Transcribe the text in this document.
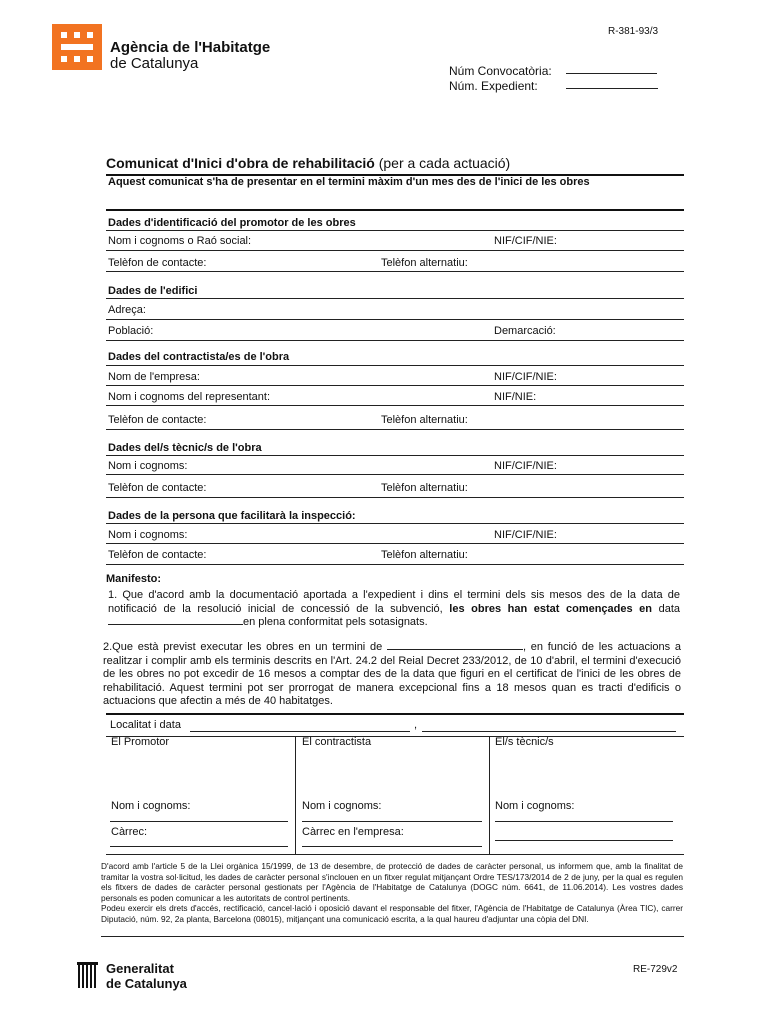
R-381-93/3
Agència de l'Habitatge
de Catalunya	Núm Convocatòria:
Núm. Expedient:
Comunicat d'Inici d'obra de rehabilitació (per a cada actuació)
Aquest comunicat s'ha de presentar en el termini màxim d'un mes des de l'inici de les obres
Dades d'identificació del promotor de les obres
Nom i cognoms o Raó social:	NIF/CIF/NIE:
Telèfon de contacte:	Telèfon alternatiu:
Dades de l'edifici
Adreça:
Població:	Demarcació:
Dades del contractista/es de l'obra
Nom de l'empresa:	NIF/CIF/NIE:
Nom i cognoms del representant:	NIF/NIE:
Telèfon de contacte:	Telèfon alternatiu:
Dades del/s tècnic/s de l'obra
Nom i cognoms:	NIF/CIF/NIE:
Telèfon de contacte:	Telèfon alternatiu:
Dades de la persona que facilitarà la inspecció:
Nom i cognoms:	NIF/CIF/NIE:
Telèfon de contacte:	Telèfon alternatiu:
Manifesto:
1. Que d'acord amb la documentació aportada a l'expedient i dins el termini dels sis mesos des de la data de notificació de la resolució inicial de concessió de la subvenció, les obres han estat començades en data en plena conformitat pels sotasignats.
2.Que està previst executar les obres en un termini de	, en funció de les actuacions a realitzar i complir amb els terminis descrits en l'Art. 24.2 del Reial Decret 233/2012, de 10 d'abril, el termini d'execució de les obres no pot excedir de 16 mesos a comptar des de la data que figuri en el certificat de l'inici de les obres de rehabilitació. Aquest termini pot ser prorrogat de manera excepcional fins a 18 mesos quan es tracti d'edificis o actuacions que afectin a més de 40 habitatges.
Localitat i data	,
El Promotor	El contractista	El/s tècnic/s
Nom i cognoms:	Nom i cognoms:	Nom i cognoms:
Càrrec:	Càrrec en l'empresa:
D'acord amb l'article 5 de la Llei orgànica 15/1999, de 13 de desembre, de protecció de dades de caràcter personal, us informem que, amb la finalitat de tramitar la vostra sol·licitud, les dades de caràcter personal s'inclouen en un fitxer regulat mitjançant Ordre TES/173/2014 de 2 de juny, per la qual es regulen els fitxers de dades de caràcter personal gestionats per l'Agència de l'Habitatge de Catalunya (DOGC núm. 6641, de 11.06.2014). Les vostres dades personals es poden comunicar a les autoritats de control pertinents.
Podeu exercir els drets d'accés, rectificació, cancel·lació i oposició davant el responsable del fitxer, l'Agència de l'Habitatge de Catalunya (Àrea TIC), carrer Diputació, núm. 92, 2a planta, Barcelona (08015), mitjançant una comunicació escrita, a la qual haureu d'adjuntar una còpia del DNI.
Generalitat
de Catalunya
RE-729v2
